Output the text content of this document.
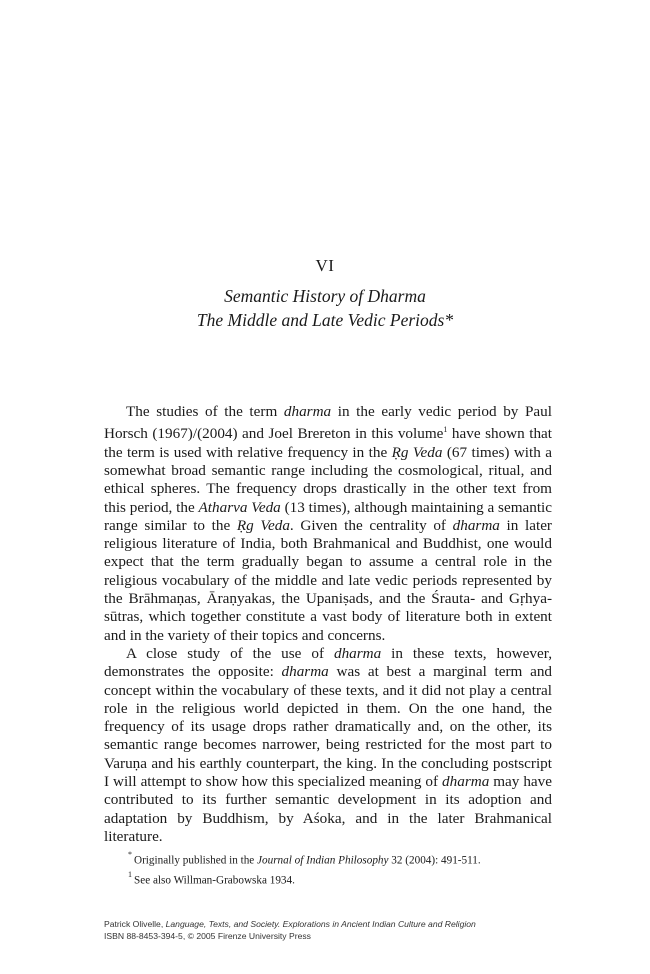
VI
Semantic History of Dharma
The Middle and Late Vedic Periods*

The studies of the term dharma in the early vedic period by Paul Horsch (1967)/(2004) and Joel Brereton in this volume$^1$ have shown that the term is used with relative frequency in the Ṛg Veda (67 times) with a somewhat broad semantic range including the cosmological, ritual, and ethical spheres. The frequency drops drastically in the other text from this period, the Atharva Veda (13 times), although maintaining a semantic range similar to the Ṛg Veda. Given the centrality of dharma in later religious literature of India, both Brahmanical and Buddhist, one would expect that the term gradually began to assume a central role in the religious vocabulary of the middle and late vedic periods represented by the Brāhmaṇas, Āraṇyakas, the Upaniṣads, and the Śrauta- and Gṛhya-sūtras, which together constitute a vast body of literature both in extent and in the variety of their topics and concerns.

A close study of the use of dharma in these texts, however, demonstrates the opposite: dharma was at best a marginal term and concept within the vocabulary of these texts, and it did not play a central role in the religious world depicted in them. On the one hand, the frequency of its usage drops rather dramatically and, on the other, its semantic range becomes narrower, being restricted for the most part to Varuṇa and his earthly counterpart, the king. In the concluding postscript I will attempt to show how this specialized meaning of dharma may have contributed to its further semantic development in its adoption and adaptation by Buddhism, by Aśoka, and in the later Brahmanical literature.

*Originally published in the Journal of Indian Philosophy 32 (2004): 491-511.
$^1$See also Willman-Grabowska 1934.
Patrick Olivelle, Language, Texts, and Society. Explorations in Ancient Indian Culture and Religion
ISBN 88-8453-394-5, © 2005 Firenze University Press
